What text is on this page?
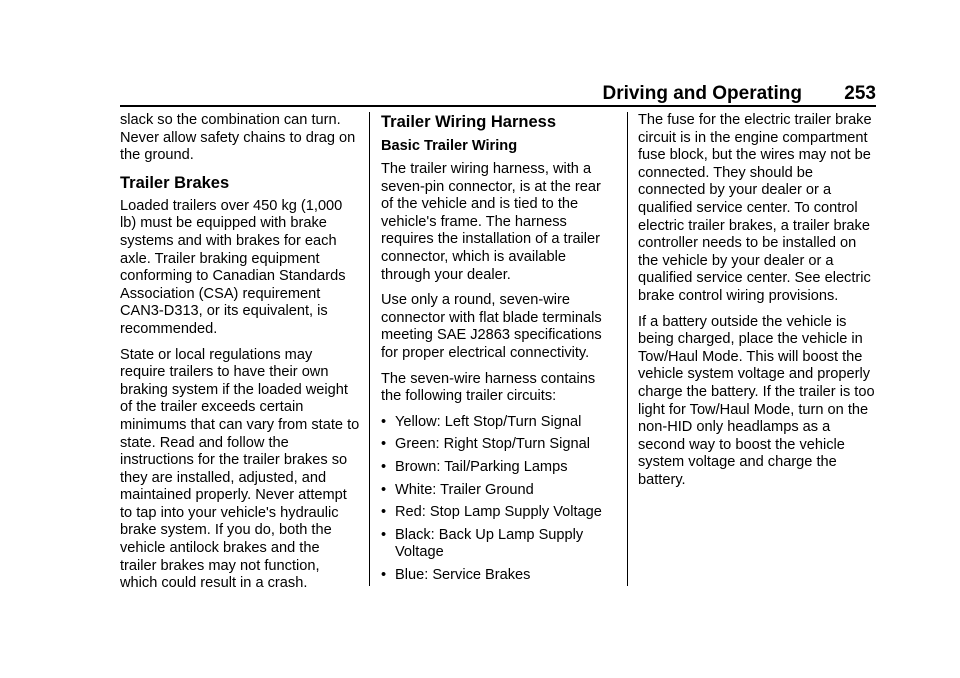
Driving and Operating 253

slack so the combination can turn. Never allow safety chains to drag on the ground.

Trailer Brakes

Loaded trailers over 450 kg (1,000 lb) must be equipped with brake systems and with brakes for each axle. Trailer braking equipment conforming to Canadian Standards Association (CSA) requirement CAN3-D313, or its equivalent, is recommended.

State or local regulations may require trailers to have their own braking system if the loaded weight of the trailer exceeds certain minimums that can vary from state to state. Read and follow the instructions for the trailer brakes so they are installed, adjusted, and maintained properly. Never attempt to tap into your vehicle's hydraulic brake system. If you do, both the vehicle antilock brakes and the trailer brakes may not function, which could result in a crash.

Trailer Wiring Harness
Basic Trailer Wiring

The trailer wiring harness, with a seven-pin connector, is at the rear of the vehicle and is tied to the vehicle's frame. The harness requires the installation of a trailer connector, which is available through your dealer.

Use only a round, seven-wire connector with flat blade terminals meeting SAE J2863 specifications for proper electrical connectivity.

The seven-wire harness contains the following trailer circuits:

• Yellow: Left Stop/Turn Signal
• Green: Right Stop/Turn Signal
• Brown: Tail/Parking Lamps
• White: Trailer Ground
• Red: Stop Lamp Supply Voltage
• Black: Back Up Lamp Supply Voltage
• Blue: Service Brakes

The fuse for the electric trailer brake circuit is in the engine compartment fuse block, but the wires may not be connected. They should be connected by your dealer or a qualified service center. To control electric trailer brakes, a trailer brake controller needs to be installed on the vehicle by your dealer or a qualified service center. See electric brake control wiring provisions.

If a battery outside the vehicle is being charged, place the vehicle in Tow/Haul Mode. This will boost the vehicle system voltage and properly charge the battery. If the trailer is too light for Tow/Haul Mode, turn on the non-HID only headlamps as a second way to boost the vehicle system voltage and charge the battery.
